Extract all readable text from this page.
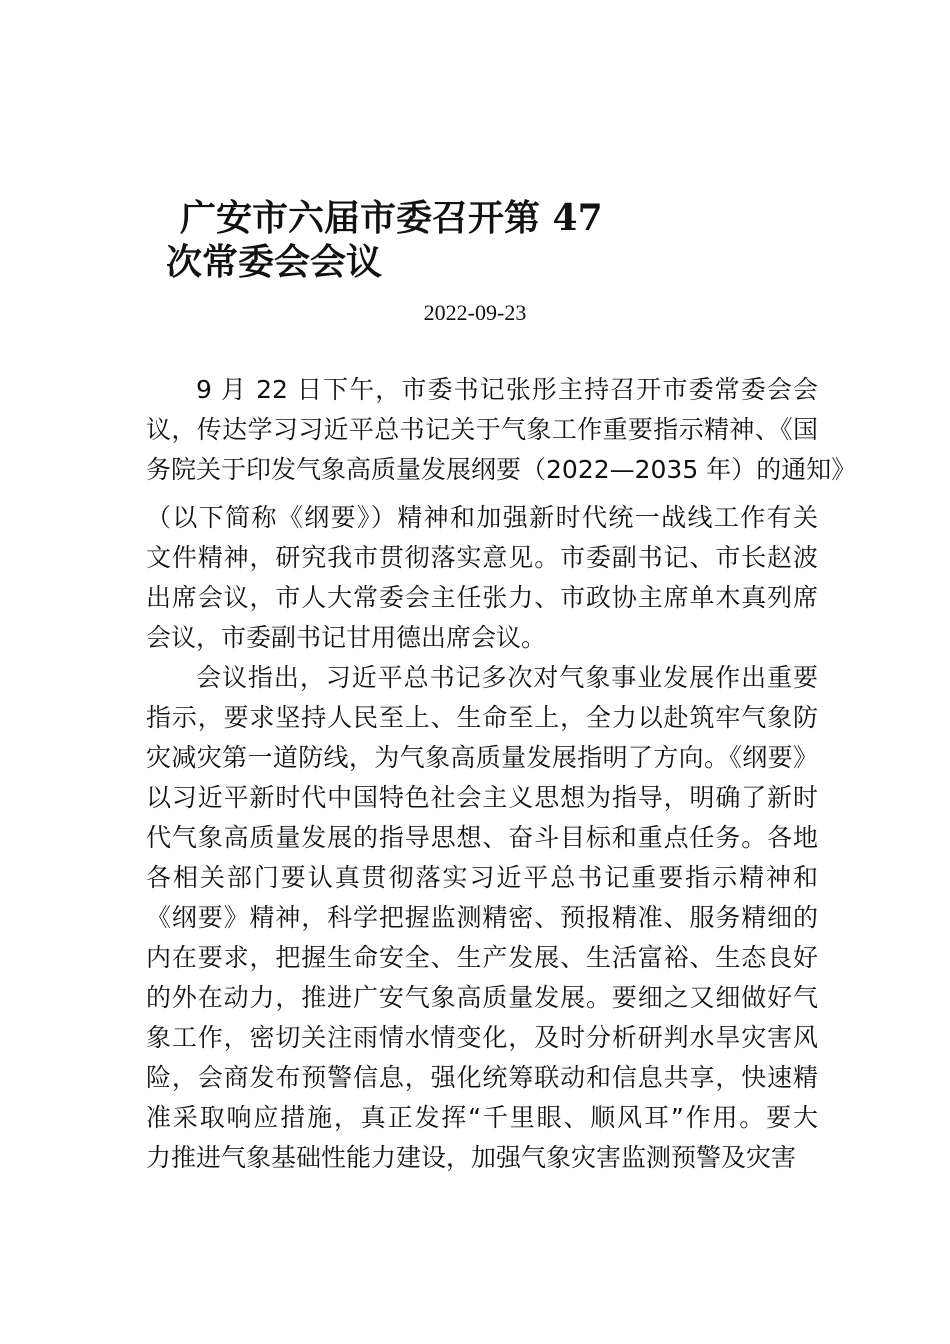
广安市六届市委召开第 47
次常委会会议
2022-09-23
9 月 22 日下午，市委书记张彤主持召开市委常委会会
议，传达学习习近平总书记关于气象工作重要指示精神、《国
务院关于印发气象高质量发展纲要（2022—2035 年）的通知》
（以下简称《纲要》）精神和加强新时代统一战线工作有关
文件精神，研究我市贯彻落实意见。市委副书记、市长赵波
出席会议，市人大常委会主任张力、市政协主席单木真列席
会议，市委副书记甘用德出席会议。
会议指出，习近平总书记多次对气象事业发展作出重要
指示，要求坚持人民至上、生命至上，全力以赴筑牢气象防
灾减灾第一道防线，为气象高质量发展指明了方向。《纲要》
以习近平新时代中国特色社会主义思想为指导，明确了新时
代气象高质量发展的指导思想、奋斗目标和重点任务。各地
各相关部门要认真贯彻落实习近平总书记重要指示精神和
《纲要》精神，科学把握监测精密、预报精准、服务精细的
内在要求，把握生命安全、生产发展、生活富裕、生态良好
的外在动力，推进广安气象高质量发展。要细之又细做好气
象工作，密切关注雨情水情变化，及时分析研判水旱灾害风
险，会商发布预警信息，强化统筹联动和信息共享，快速精
准采取响应措施，真正发挥“千里眼、顺风耳”作用。要大
力推进气象基础性能力建设，加强气象灾害监测预警及灾害
